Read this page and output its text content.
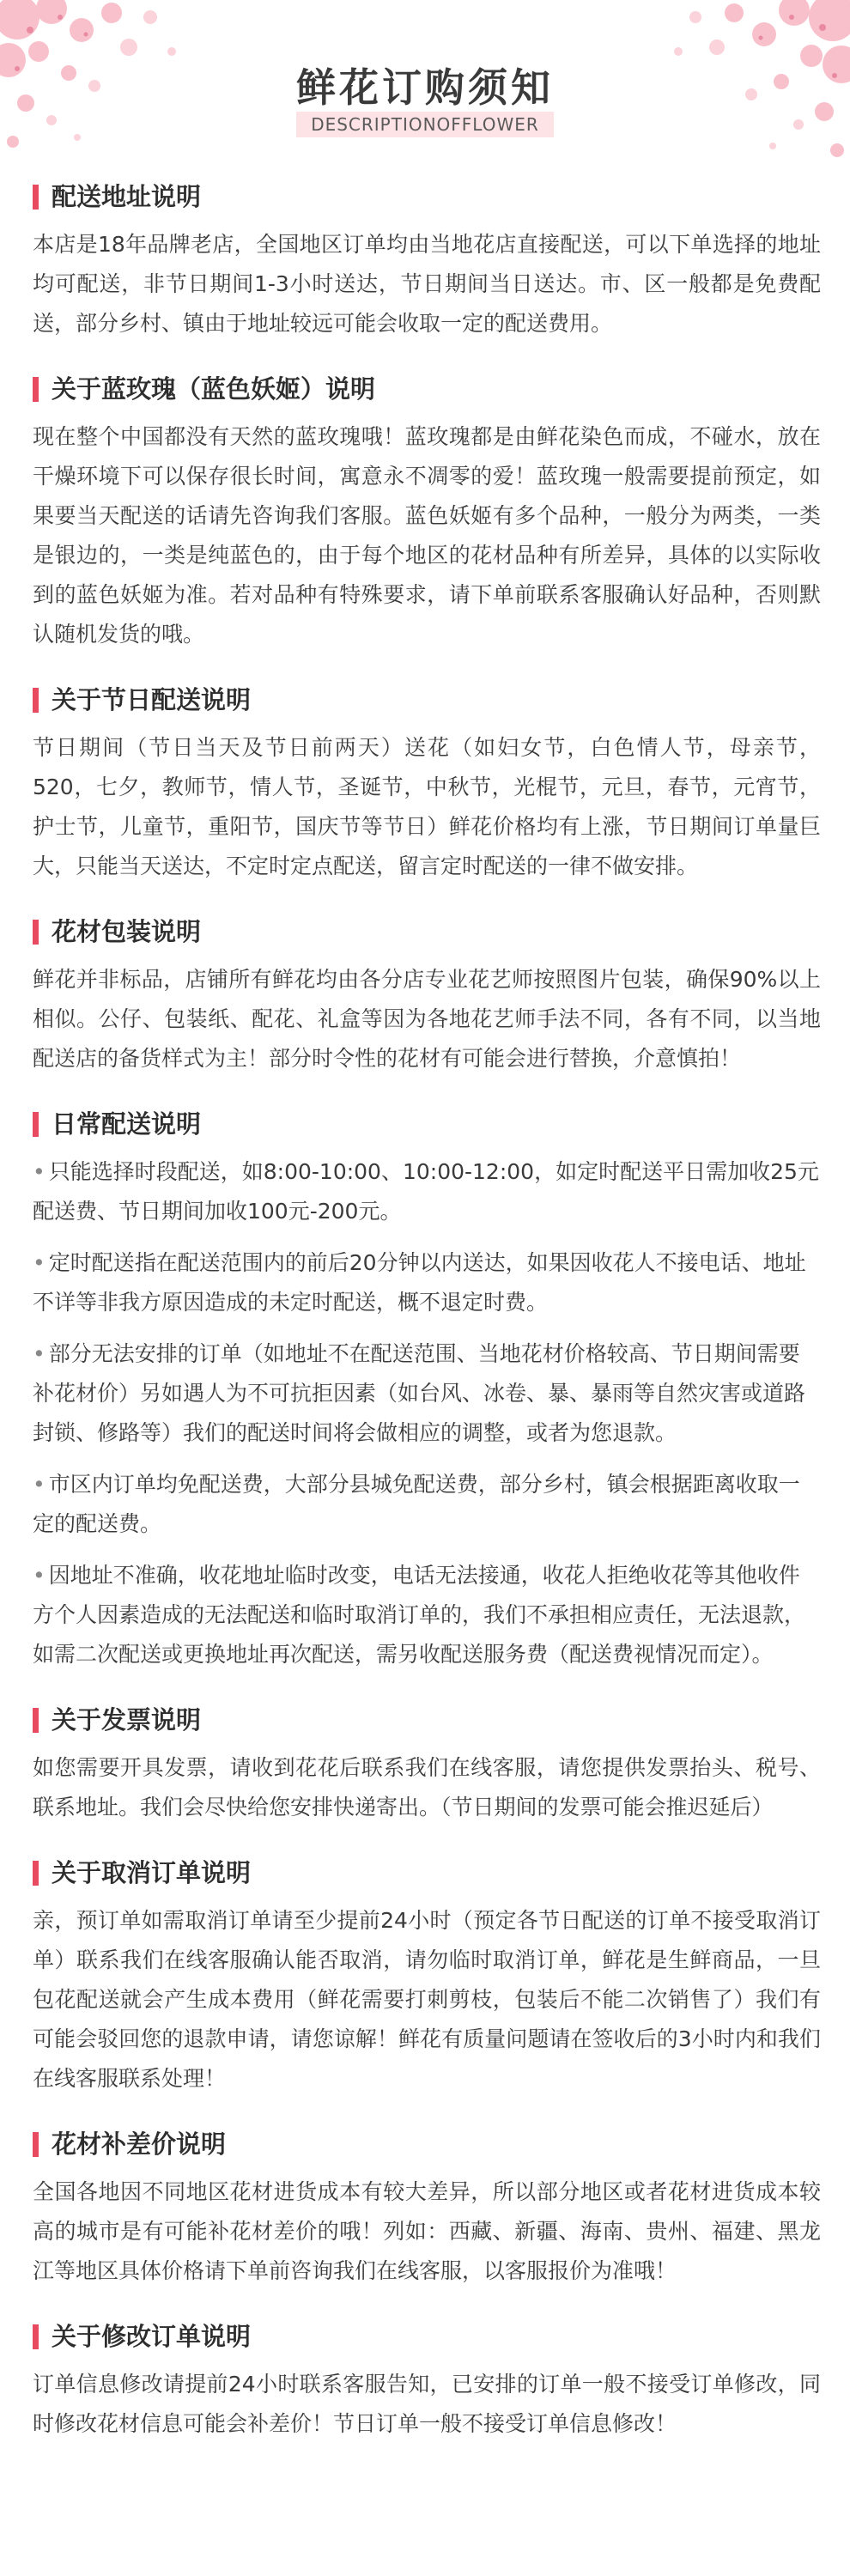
鲜花订购须知
DESCRIPTIONOFFLOWER
配送地址说明
本店是18年品牌老店，全国地区订单均由当地花店直接配送，可以下单选择的地址均可配送，非节日期间1-3小时送达，节日期间当日送达。市、区一般都是免费配送，部分乡村、镇由于地址较远可能会收取一定的配送费用。
关于蓝玫瑰（蓝色妖姬）说明
现在整个中国都没有天然的蓝玫瑰哦！蓝玫瑰都是由鲜花染色而成，不碰水，放在干燥环境下可以保存很长时间，寓意永不凋零的爱！蓝玫瑰一般需要提前预定，如果要当天配送的话请先咨询我们客服。蓝色妖姬有多个品种，一般分为两类，一类是银边的，一类是纯蓝色的，由于每个地区的花材品种有所差异，具体的以实际收到的蓝色妖姬为准。若对品种有特殊要求，请下单前联系客服确认好品种，否则默认随机发货的哦。
关于节日配送说明
节日期间（节日当天及节日前两天）送花（如妇女节，白色情人节，母亲节，520，七夕，教师节，情人节，圣诞节，中秋节，光棍节，元旦，春节，元宵节，护士节，儿童节，重阳节，国庆节等节日）鲜花价格均有上涨，节日期间订单量巨大，只能当天送达，不定时定点配送，留言定时配送的一律不做安排。
花材包装说明
鲜花并非标品，店铺所有鲜花均由各分店专业花艺师按照图片包装，确保90%以上相似。公仔、包装纸、配花、礼盒等因为各地花艺师手法不同，各有不同，以当地配送店的备货样式为主！部分时令性的花材有可能会进行替换，介意慎拍！
日常配送说明
• 只能选择时段配送，如8:00-10:00、10:00-12:00，如定时配送平日需加收25元配送费、节日期间加收100元-200元。
• 定时配送指在配送范围内的前后20分钟以内送达，如果因收花人不接电话、地址不详等非我方原因造成的未定时配送，概不退定时费。
• 部分无法安排的订单（如地址不在配送范围、当地花材价格较高、节日期间需要补花材价）另如遇人为不可抗拒因素（如台风、冰卷、暴、暴雨等自然灾害或道路封锁、修路等）我们的配送时间将会做相应的调整，或者为您退款。
• 市区内订单均免配送费，大部分县城免配送费，部分乡村，镇会根据距离收取一定的配送费。
• 因地址不准确，收花地址临时改变，电话无法接通，收花人拒绝收花等其他收件方个人因素造成的无法配送和临时取消订单的，我们不承担相应责任，无法退款，如需二次配送或更换地址再次配送，需另收配送服务费（配送费视情况而定）。
关于发票说明
如您需要开具发票，请收到花花后联系我们在线客服，请您提供发票抬头、税号、联系地址。我们会尽快给您安排快递寄出。（节日期间的发票可能会推迟延后）
关于取消订单说明
亲，预订单如需取消订单请至少提前24小时（预定各节日配送的订单不接受取消订单）联系我们在线客服确认能否取消，请勿临时取消订单，鲜花是生鲜商品，一旦包花配送就会产生成本费用（鲜花需要打刺剪枝，包装后不能二次销售了）我们有可能会驳回您的退款申请，请您谅解！鲜花有质量问题请在签收后的3小时内和我们在线客服联系处理！
花材补差价说明
全国各地因不同地区花材进货成本有较大差异，所以部分地区或者花材进货成本较高的城市是有可能补花材差价的哦！列如：西藏、新疆、海南、贵州、福建、黑龙江等地区具体价格请下单前咨询我们在线客服，以客服报价为准哦！
关于修改订单说明
订单信息修改请提前24小时联系客服告知，已安排的订单一般不接受订单修改，同时修改花材信息可能会补差价！节日订单一般不接受订单信息修改！
